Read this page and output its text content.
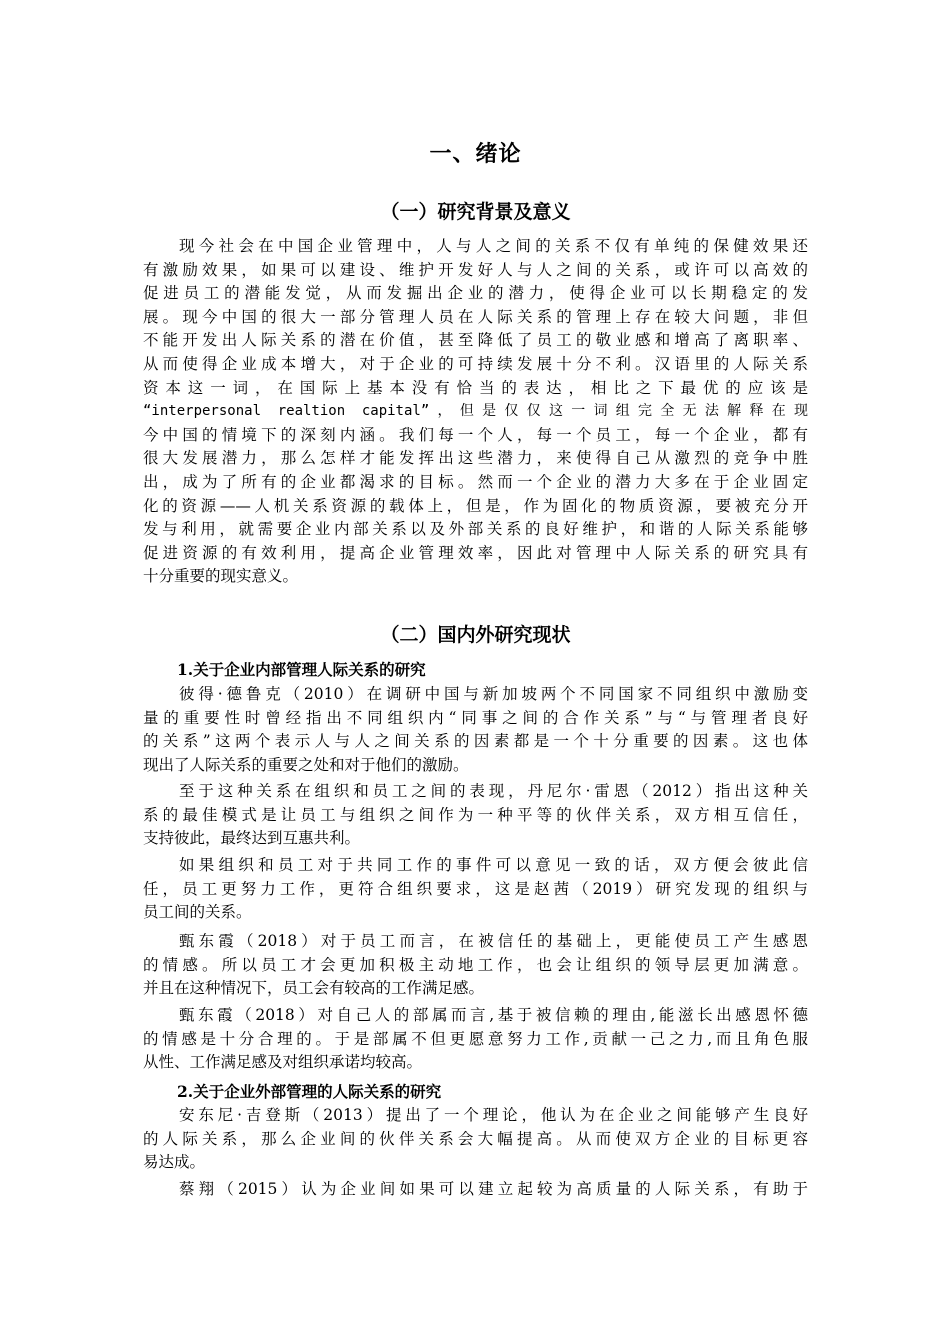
一、绪论
（一）研究背景及意义
现今社会在中国企业管理中，人与人之间的关系不仅有单纯的保健效果还
有激励效果，如果可以建设、维护开发好人与人之间的关系，或许可以高效的
促进员工的潜能发觉，从而发掘出企业的潜力，使得企业可以长期稳定的发
展。现今中国的很大一部分管理人员在人际关系的管理上存在较大问题，非但
不能开发出人际关系的潜在价值，甚至降低了员工的敬业感和增高了离职率、
从而使得企业成本增大，对于企业的可持续发展十分不利。汉语里的人际关系
资本这一词，在国际上基本没有恰当的表达，相比之下最优的应该是
“interpersonal realtion capital”，但是仅仅这一词组完全无法解释在现
今中国的情境下的深刻内涵。我们每一个人，每一个员工，每一个企业，都有
很大发展潜力，那么怎样才能发挥出这些潜力，来使得自己从激烈的竞争中胜
出，成为了所有的企业都渴求的目标。然而一个企业的潜力大多在于企业固定
化的资源——人机关系资源的载体上，但是，作为固化的物质资源，要被充分开
发与利用，就需要企业内部关系以及外部关系的良好维护，和谐的人际关系能够
促进资源的有效利用，提高企业管理效率，因此对管理中人际关系的研究具有
十分重要的现实意义。
（二）国内外研究现状
1.关于企业内部管理人际关系的研究
彼得·德鲁克（2010）在调研中国与新加坡两个不同国家不同组织中激励变
量的重要性时曾经指出不同组织内“同事之间的合作关系”与“与管理者良好
的关系”这两个表示人与人之间关系的因素都是一个十分重要的因素。这也体
现出了人际关系的重要之处和对于他们的激励。
至于这种关系在组织和员工之间的表现，丹尼尔·雷恩（2012）指出这种关
系的最佳模式是让员工与组织之间作为一种平等的伙伴关系，双方相互信任，
支持彼此，最终达到互惠共利。
如果组织和员工对于共同工作的事件可以意见一致的话，双方便会彼此信
任，员工更努力工作，更符合组织要求，这是赵茜（2019）研究发现的组织与
员工间的关系。
甄东霞（2018）对于员工而言，在被信任的基础上，更能使员工产生感恩
的情感。所以员工才会更加积极主动地工作，也会让组织的领导层更加满意。
并且在这种情况下，员工会有较高的工作满足感。
甄东霞（2018）对自己人的部属而言,基于被信赖的理由,能滋长出感恩怀德
的情感是十分合理的。于是部属不但更愿意努力工作,贡献一己之力,而且角色服
从性、工作满足感及对组织承诺均较高。
2.关于企业外部管理的人际关系的研究
安东尼·吉登斯（2013）提出了一个理论，他认为在企业之间能够产生良好
的人际关系，那么企业间的伙伴关系会大幅提高。从而使双方企业的目标更容
易达成。
蔡翔（2015）认为企业间如果可以建立起较为高质量的人际关系，有助于
